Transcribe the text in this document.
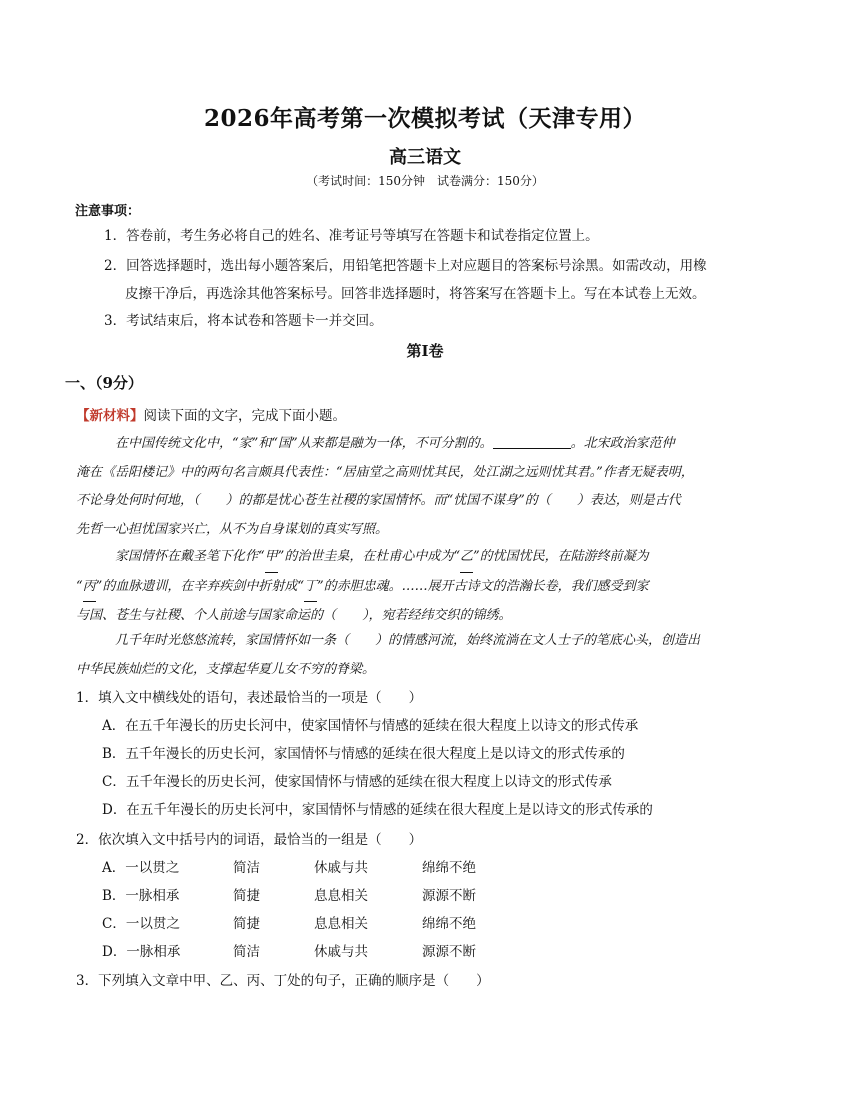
2026年高考第一次模拟考试（天津专用）
高三语文
（考试时间：150分钟　试卷满分：150分）
注意事项：
1．答卷前，考生务必将自己的姓名、准考证号等填写在答题卡和试卷指定位置上。
2．回答选择题时，选出每小题答案后，用铅笔把答题卡上对应题目的答案标号涂黑。如需改动，用橡
皮擦干净后，再选涂其他答案标号。回答非选择题时，将答案写在答题卡上。写在本试卷上无效。
3．考试结束后，将本试卷和答题卡一并交回。
第Ⅰ卷
一、（9分）
【新材料】阅读下面的文字，完成下面小题。
在中国传统文化中，“家”和“国”从来都是融为一体，不可分割的。	。北宋政治家范仲
淹在《岳阳楼记》中的两句名言颇具代表性：“居庙堂之高则忧其民，处江湖之远则忧其君。”作者无疑表明，
不论身处何时何地，（　　）的都是忧心苍生社稷的家国情怀。而“忧国不谋身”的（　　）表达，则是古代
先哲一心担忧国家兴亡，从不为自身谋划的真实写照。
家国情怀在戴圣笔下化作“甲”的治世圭臬，在杜甫心中成为“乙”的忧国忧民，在陆游终前凝为
“丙”的血脉遗训，在辛弃疾剑中折射成“丁”的赤胆忠魂。……展开古诗文的浩瀚长卷，我们感受到家
与国、苍生与社稷、个人前途与国家命运的（　　），宛若经纬交织的锦绣。
几千年时光悠悠流转，家国情怀如一条（　　）的情感河流，始终流淌在文人士子的笔底心头，创造出
中华民族灿烂的文化，支撑起华夏儿女不穷的脊梁。
1．填入文中横线处的语句，表述最恰当的一项是（　　）
A．在五千年漫长的历史长河中，使家国情怀与情感的延续在很大程度上以诗文的形式传承
B．五千年漫长的历史长河，家国情怀与情感的延续在很大程度上是以诗文的形式传承的
C．五千年漫长的历史长河，使家国情怀与情感的延续在很大程度上以诗文的形式传承
D．在五千年漫长的历史长河中，家国情怀与情感的延续在很大程度上是以诗文的形式传承的
2．依次填入文中括号内的词语，最恰当的一组是（　　）
A．一以贯之	简洁	休戚与共	绵绵不绝
B．一脉相承	简捷	息息相关	源源不断
C．一以贯之	简捷	息息相关	绵绵不绝
D．一脉相承	简洁	休戚与共	源源不断
3．下列填入文章中甲、乙、丙、丁处的句子，正确的顺序是（　　）
